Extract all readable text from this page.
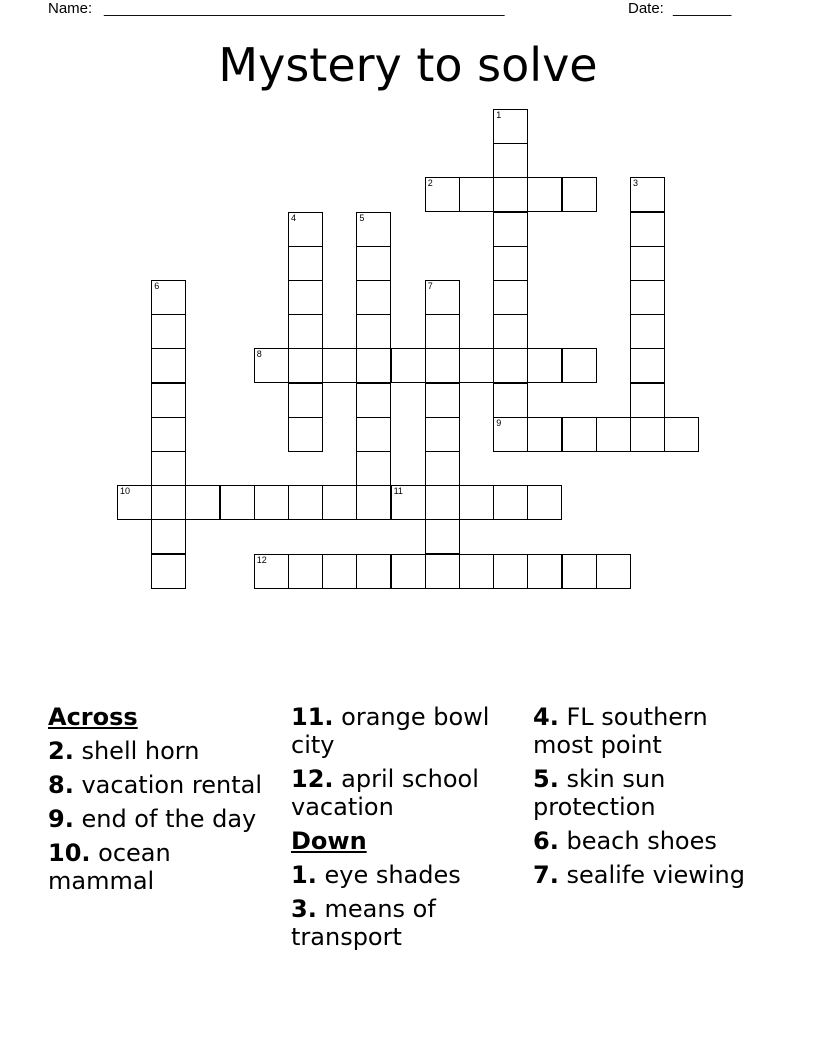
Name: ________________________________________________	Date: _______
Mystery to solve
1
2	3
4	5
6	7
8
9
10	11
12
Across
2. shell horn
8. vacation rental
9. end of the day
10. ocean mammal
11. orange bowl city
12. april school vacation
Down
1. eye shades
3. means of transport
4. FL southern most point
5. skin sun protection
6. beach shoes
7. sealife viewing
